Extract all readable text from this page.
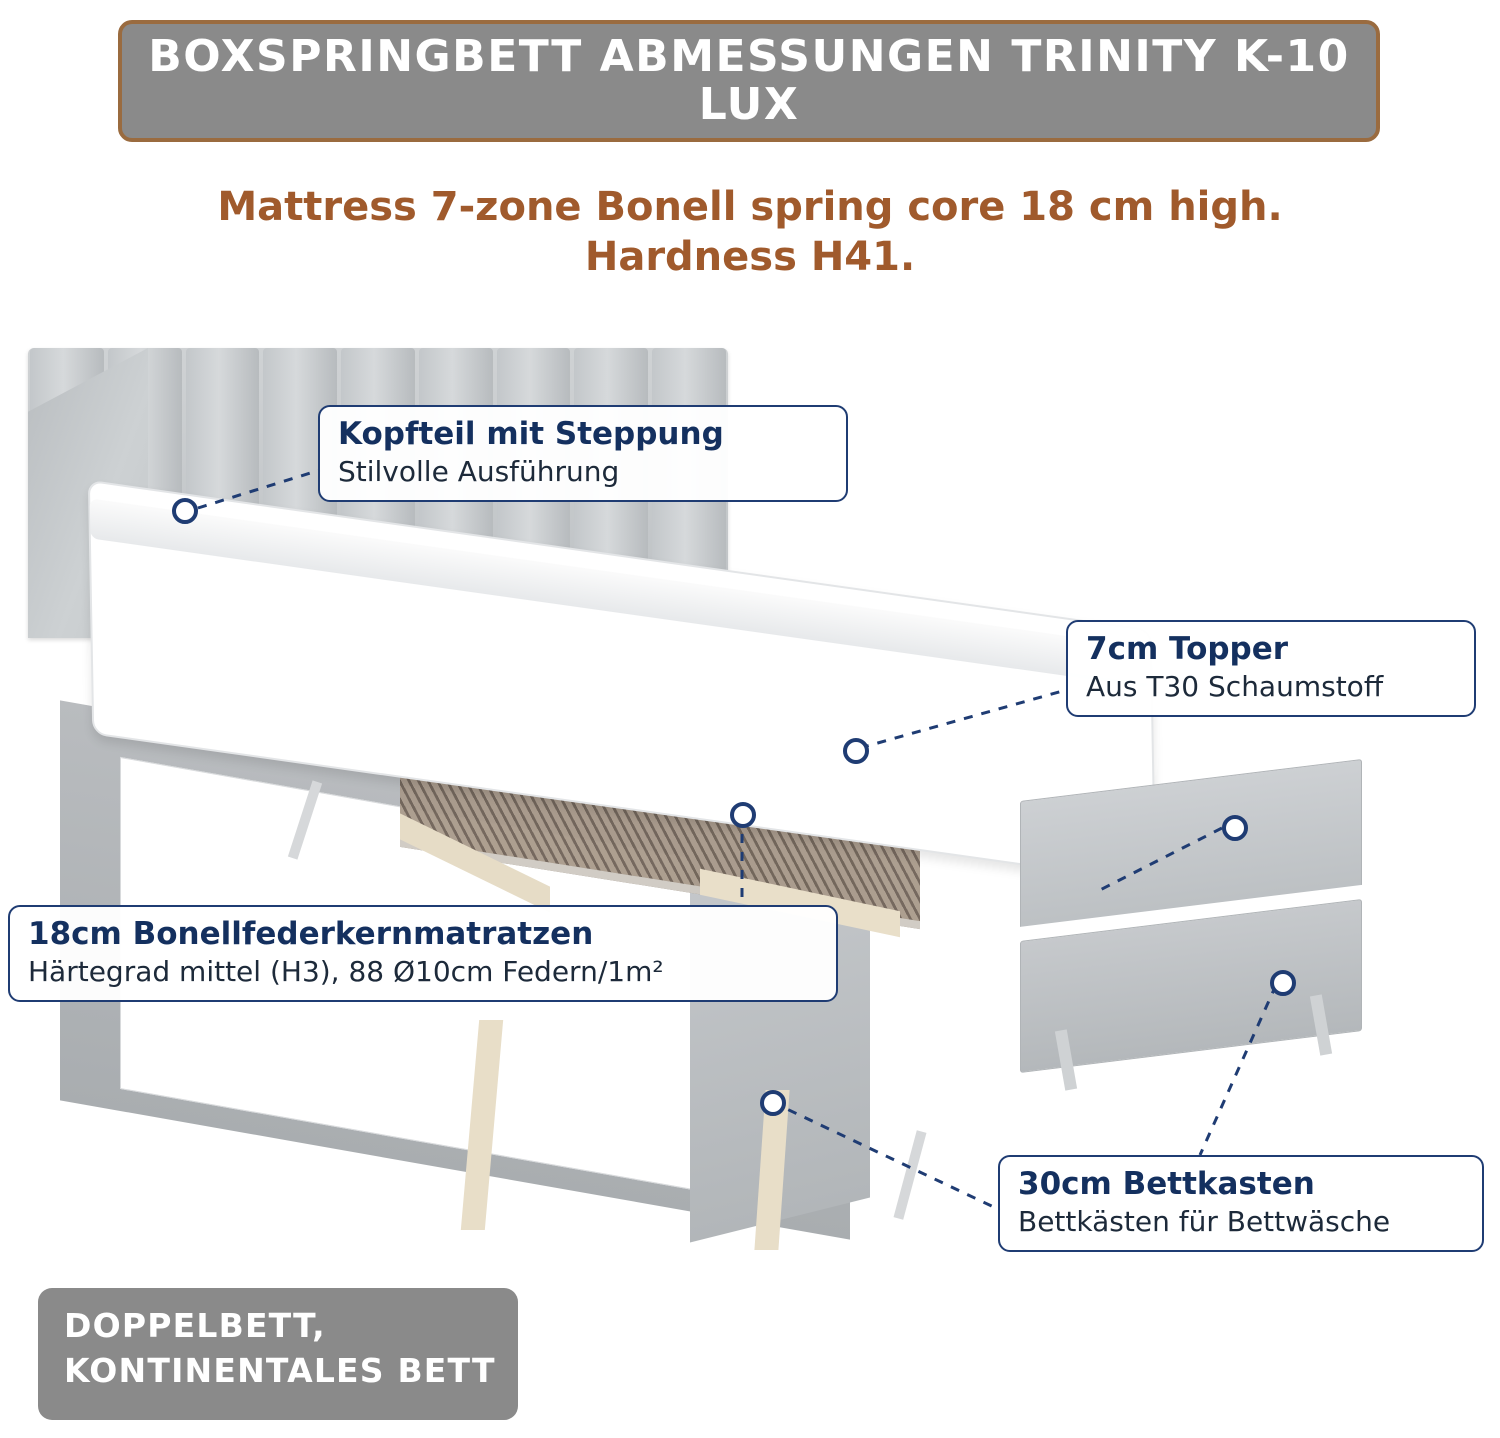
BOXSPRINGBETT ABMESSUNGEN TRINITY K-10 LUX
Mattress 7-zone Bonell spring core 18 cm high.
Hardness H41.
Kopfteil mit Steppung
Stilvolle Ausführung
7cm Topper
Aus T30 Schaumstoff
18cm Bonellfederkernmatratzen
Härtegrad mittel (H3), 88 Ø10cm Federn/1m²
30cm Bettkasten
Bettkästen für Bettwäsche
DOPPELBETT,
KONTINENTALES BETT
